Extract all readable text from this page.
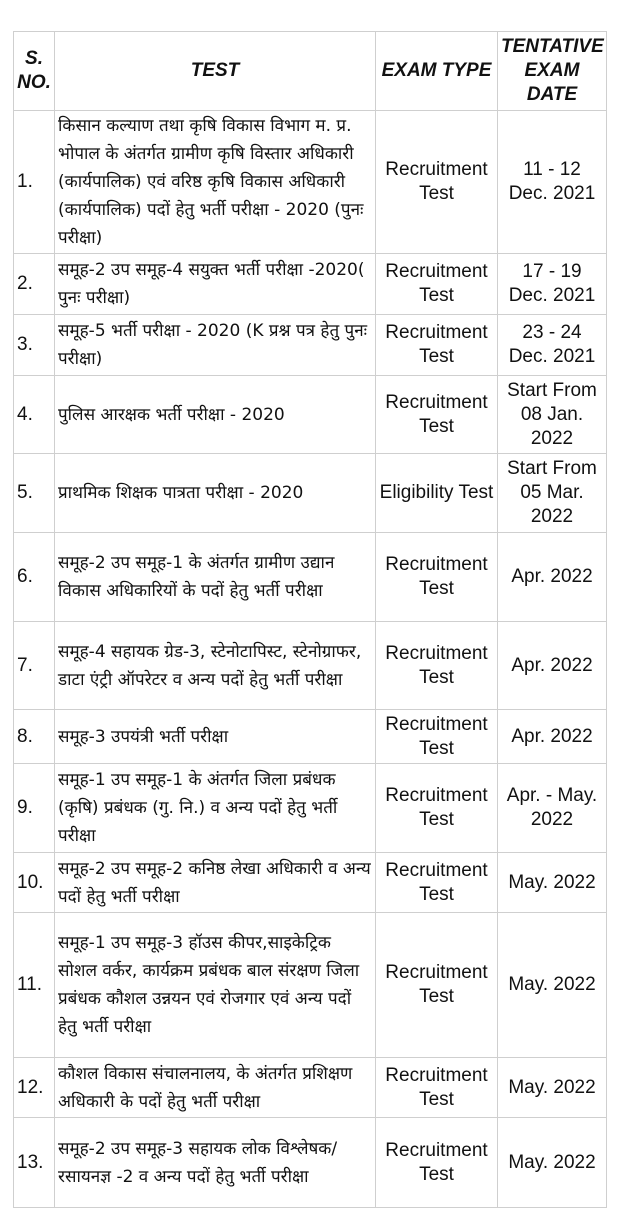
S. NO.	TEST	EXAM TYPE	TENTATIVE EXAM DATE
1.	किसान कल्याण तथा कृषि विकास विभाग म. प्र. भोपाल के अंतर्गत ग्रामीण कृषि विस्तार अधिकारी (कार्यपालिक) एवं वरिष्ठ कृषि विकास अधिकारी (कार्यपालिक) पदों हेतु भर्ती परीक्षा - 2020 (पुनः परीक्षा)	Recruitment Test	11 - 12 Dec. 2021
2.	समूह-2 उप समूह-4 सयुक्त भर्ती परीक्षा -2020( पुनः परीक्षा)	Recruitment Test	17 - 19 Dec. 2021
3.	समूह-5 भर्ती परीक्षा - 2020 (K प्रश्न पत्र हेतु पुनः परीक्षा)	Recruitment Test	23 - 24 Dec. 2021
4.	पुलिस आरक्षक भर्ती परीक्षा - 2020	Recruitment Test	Start From 08 Jan. 2022
5.	प्राथमिक शिक्षक पात्रता परीक्षा - 2020	Eligibility Test	Start From 05 Mar. 2022
6.	समूह-2 उप समूह-1 के अंतर्गत ग्रामीण उद्यान विकास अधिकारियों के पदों हेतु भर्ती परीक्षा	Recruitment Test	Apr. 2022
7.	समूह-4 सहायक ग्रेड-3, स्टेनोटापिस्ट, स्टेनोग्राफर, डाटा एंट्री ऑपरेटर व अन्य पदों हेतु भर्ती परीक्षा	Recruitment Test	Apr. 2022
8.	समूह-3 उपयंत्री भर्ती परीक्षा	Recruitment Test	Apr. 2022
9.	समूह-1 उप समूह-1 के अंतर्गत जिला प्रबंधक (कृषि) प्रबंधक (गु. नि.) व अन्य पदों हेतु भर्ती परीक्षा	Recruitment Test	Apr. - May. 2022
10.	समूह-2 उप समूह-2 कनिष्ठ लेखा अधिकारी व अन्य पदों हेतु भर्ती परीक्षा	Recruitment Test	May. 2022
11.	समूह-1 उप समूह-3 हॉउस कीपर,साइकेट्रिक सोशल वर्कर, कार्यक्रम प्रबंधक बाल संरक्षण जिला प्रबंधक कौशल उन्नयन एवं रोजगार एवं अन्य पदों हेतु भर्ती परीक्षा	Recruitment Test	May. 2022
12.	कौशल विकास संचालनालय, के अंतर्गत प्रशिक्षण अधिकारी के पदों हेतु भर्ती परीक्षा	Recruitment Test	May. 2022
13.	समूह-2 उप समूह-3 सहायक लोक विश्लेषक/रसायनज्ञ -2 व अन्य पदों हेतु भर्ती परीक्षा	Recruitment Test	May. 2022
